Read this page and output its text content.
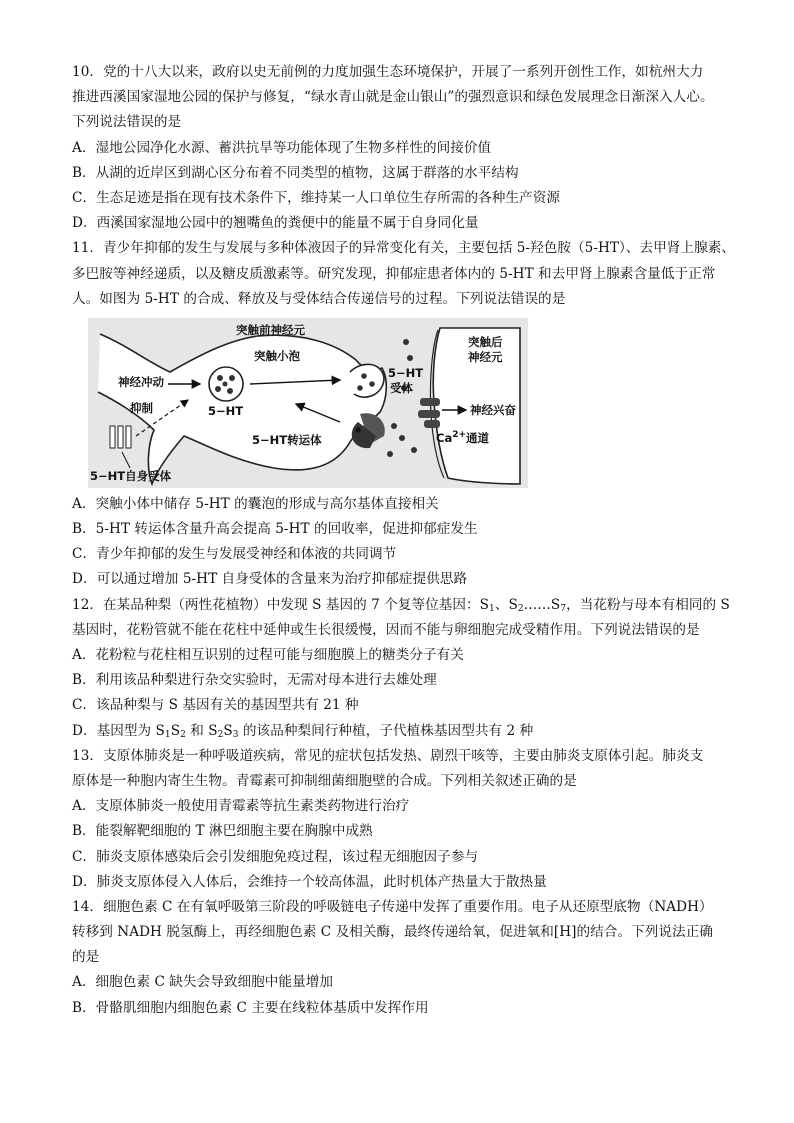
10．党的十八大以来，政府以史无前例的力度加强生态环境保护，开展了一系列开创性工作，如杭州大力
推进西溪国家湿地公园的保护与修复，“绿水青山就是金山银山”的强烈意识和绿色发展理念日渐深入人心。
下列说法错误的是
A．湿地公园净化水源、蓄洪抗旱等功能体现了生物多样性的间接价值
B．从湖的近岸区到湖心区分布着不同类型的植物，这属于群落的水平结构
C．生态足迹是指在现有技术条件下，维持某一人口单位生存所需的各种生产资源
D．西溪国家湿地公园中的翘嘴鱼的粪便中的能量不属于自身同化量
11．青少年抑郁的发生与发展与多种体液因子的异常变化有关，主要包括 5-羟色胺（5-HT）、去甲肾上腺素、
多巴胺等神经递质，以及糖皮质激素等。研究发现，抑郁症患者体内的 5-HT 和去甲肾上腺素含量低于正常
人。如图为 5-HT 的合成、释放及与受体结合传递信号的过程。下列说法错误的是
突触前神经元
突触小泡
神经冲动
抑制	5−HT
5−HT转运体
5−HT自身受体
突触后
神经元
5−HT
受体
神经兴奋
$Ca^{2+}$通道
A．突触小体中储存 5-HT 的囊泡的形成与高尔基体直接相关
B．5-HT 转运体含量升高会提高 5-HT 的回收率，促进抑郁症发生
C．青少年抑郁的发生与发展受神经和体液的共同调节
D．可以通过增加 5-HT 自身受体的含量来为治疗抑郁症提供思路
12．在某品种梨（两性花植物）中发现 S 基因的 7 个复等位基因：$S_1$、$S_2\dots\dots S_7$，当花粉与母本有相同的 S
基因时，花粉管就不能在花柱中延伸或生长很缓慢，因而不能与卵细胞完成受精作用。下列说法错误的是
A．花粉粒与花柱相互识别的过程可能与细胞膜上的糖类分子有关
B．利用该品种梨进行杂交实验时，无需对母本进行去雄处理
C．该品种梨与 S 基因有关的基因型共有 21 种
D．基因型为 $S_1S_2$ 和 $S_2S_3$ 的该品种梨间行种植，子代植株基因型共有 2 种
13．支原体肺炎是一种呼吸道疾病，常见的症状包括发热、剧烈干咳等，主要由肺炎支原体引起。肺炎支
原体是一种胞内寄生生物。青霉素可抑制细菌细胞壁的合成。下列相关叙述正确的是
A．支原体肺炎一般使用青霉素等抗生素类药物进行治疗
B．能裂解靶细胞的 T 淋巴细胞主要在胸腺中成熟
C．肺炎支原体感染后会引发细胞免疫过程，该过程无细胞因子参与
D．肺炎支原体侵入人体后，会维持一个较高体温，此时机体产热量大于散热量
14．细胞色素 C 在有氧呼吸第三阶段的呼吸链电子传递中发挥了重要作用。电子从还原型底物（NADH）
转移到 NADH 脱氢酶上，再经细胞色素 C 及相关酶，最终传递给氧，促进氧和[H]的结合。下列说法正确
的是
A．细胞色素 C 缺失会导致细胞中能量增加
B．骨骼肌细胞内细胞色素 C 主要在线粒体基质中发挥作用
